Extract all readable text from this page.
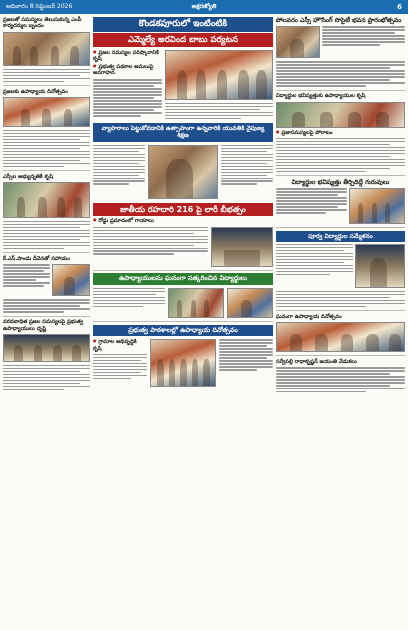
ఆదివారం 8 సెప్టెంబర్ 2026	అక్షరజ్యోతి	6
ప్రజలతో సమస్యలు తెలుసుకున్న ఎంపీ కార్యదర్శుల బృందం
ప్రజలకు ఉపాధ్యాయ దినోత్సవం
ఎస్సీల అభ్యున్నతికి కృషి
కే.ఎస్.పాండు దీవెనతో సహాయం
వరదబాధిత ప్రజల సమస్యలపై ప్రభుత్వ ఉపాధ్యాయులు దృష్టి
కొండకపూరులో ఇంటింటికి
ఎమ్మెల్యే అరవింద బాబు పర్యటన
● ప్రజల సమస్యల పరిష్కారానికి కృషి
● ప్రభుత్వ పథకాల అమలుపై అవగాహన
వ్యాపారాలు పెట్టుకోవడానికి ఉత్సాహంగా ఉన్నవారికి యువతికి నైపుణ్య శిక్షణ
జాతీయ రహదారి 216 పై లారీ బీభత్సం
● రోడ్డు ప్రమాదంలో గాయాలు
ఉపాధ్యాయులను ఘనంగా సత్కరించిన విద్యార్థులు
ప్రభుత్వ పాఠశాలల్లో ఉపాధ్యాయ దినోత్సవం
● గ్రామాల అభివృద్ధికి కృషి
పోలవరం ఎస్సీ హౌసింగ్ సొసైటీ భవన ప్రారంభోత్సవం
విద్యార్థుల భవిష్యత్తుకు ఉపాధ్యాయుల కృషి
● ప్రజాసమస్యలపై పోరాటం
విద్యార్థుల భవిష్యత్తు తీర్చిదిద్దే గురువులు
పూర్వ విద్యార్థుల సమ్మేళనం
ఘనంగా ఉపాధ్యాయ దినోత్సవం
సర్వేపల్లి రాధాకృష్ణన్ జయంతి వేడుకలు
